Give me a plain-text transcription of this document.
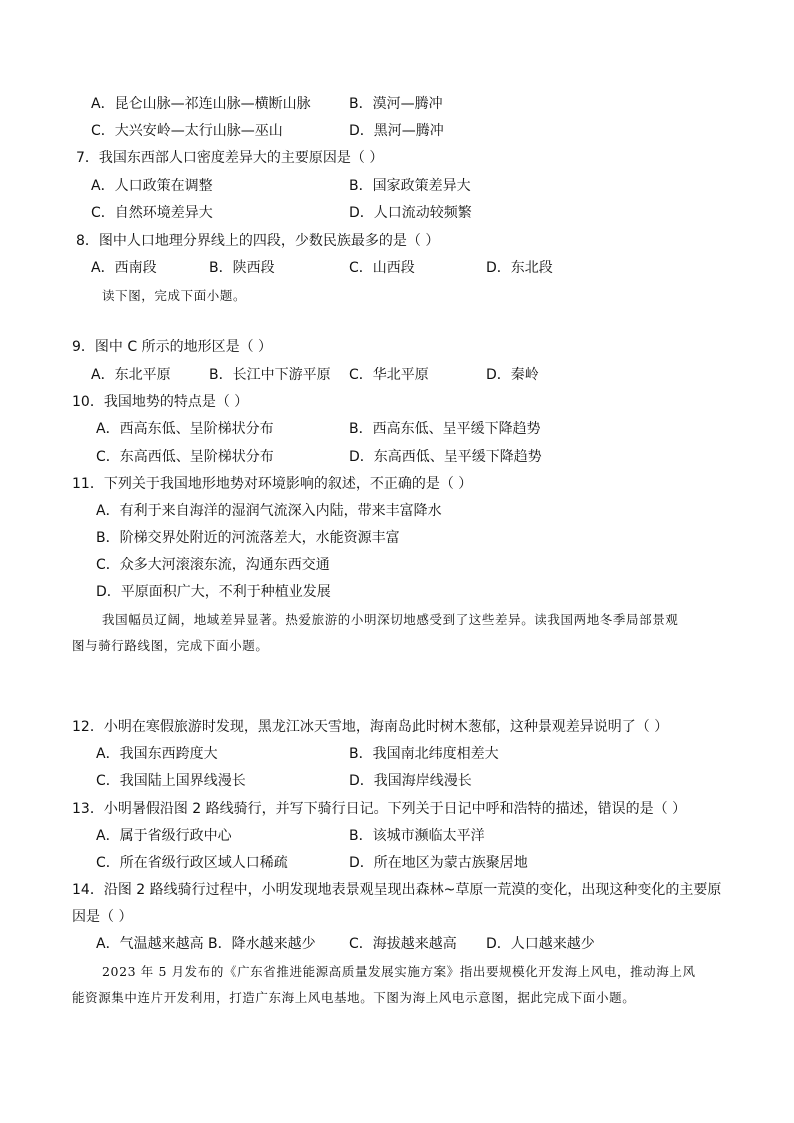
A．昆仑山脉—祁连山脉—横断山脉	B．漠河—腾冲
C．大兴安岭—太行山脉—巫山	D．黑河—腾冲
7．我国东西部人口密度差异大的主要原因是（ ）
A．人口政策在调整	B．国家政策差异大
C．自然环境差异大	D．人口流动较频繁
8．图中人口地理分界线上的四段，少数民族最多的是（ ）
A．西南段	B．陕西段	C．山西段	D．东北段
读下图，完成下面小题。
9．图中 C 所示的地形区是（ ）
A．东北平原	B．长江中下游平原 C．华北平原	D．秦岭
10．我国地势的特点是（ ）
A．西高东低、呈阶梯状分布	B．西高东低、呈平缓下降趋势
C．东高西低、呈阶梯状分布	D．东高西低、呈平缓下降趋势
11．下列关于我国地形地势对环境影响的叙述，不正确的是（ ）
A．有利于来自海洋的湿润气流深入内陆，带来丰富降水
B．阶梯交界处附近的河流落差大，水能资源丰富
C．众多大河滚滚东流，沟通东西交通
D．平原面积广大，不利于种植业发展
我国幅员辽阔，地域差异显著。热爱旅游的小明深切地感受到了这些差异。读我国两地冬季局部景观
图与骑行路线图，完成下面小题。
12．小明在寒假旅游时发现，黑龙江冰天雪地，海南岛此时树木葱郁，这种景观差异说明了（ ）
A．我国东西跨度大	B．我国南北纬度相差大
C．我国陆上国界线漫长	D．我国海岸线漫长
13．小明暑假沿图 2 路线骑行，并写下骑行日记。下列关于日记中呼和浩特的描述，错误的是（ ）
A．属于省级行政中心	B．该城市濒临太平洋
C．所在省级行政区域人口稀疏	D．所在地区为蒙古族聚居地
14．沿图 2 路线骑行过程中，小明发现地表景观呈现出森林~草原一荒漠的变化，出现这种变化的主要原
因是（ ）
A．气温越来越高 B．降水越来越少 C．海拔越来越高 D．人口越来越少
2023 年 5 月发布的《广东省推进能源高质量发展实施方案》指出要规模化开发海上风电，推动海上风
能资源集中连片开发利用，打造广东海上风电基地。下图为海上风电示意图，据此完成下面小题。
